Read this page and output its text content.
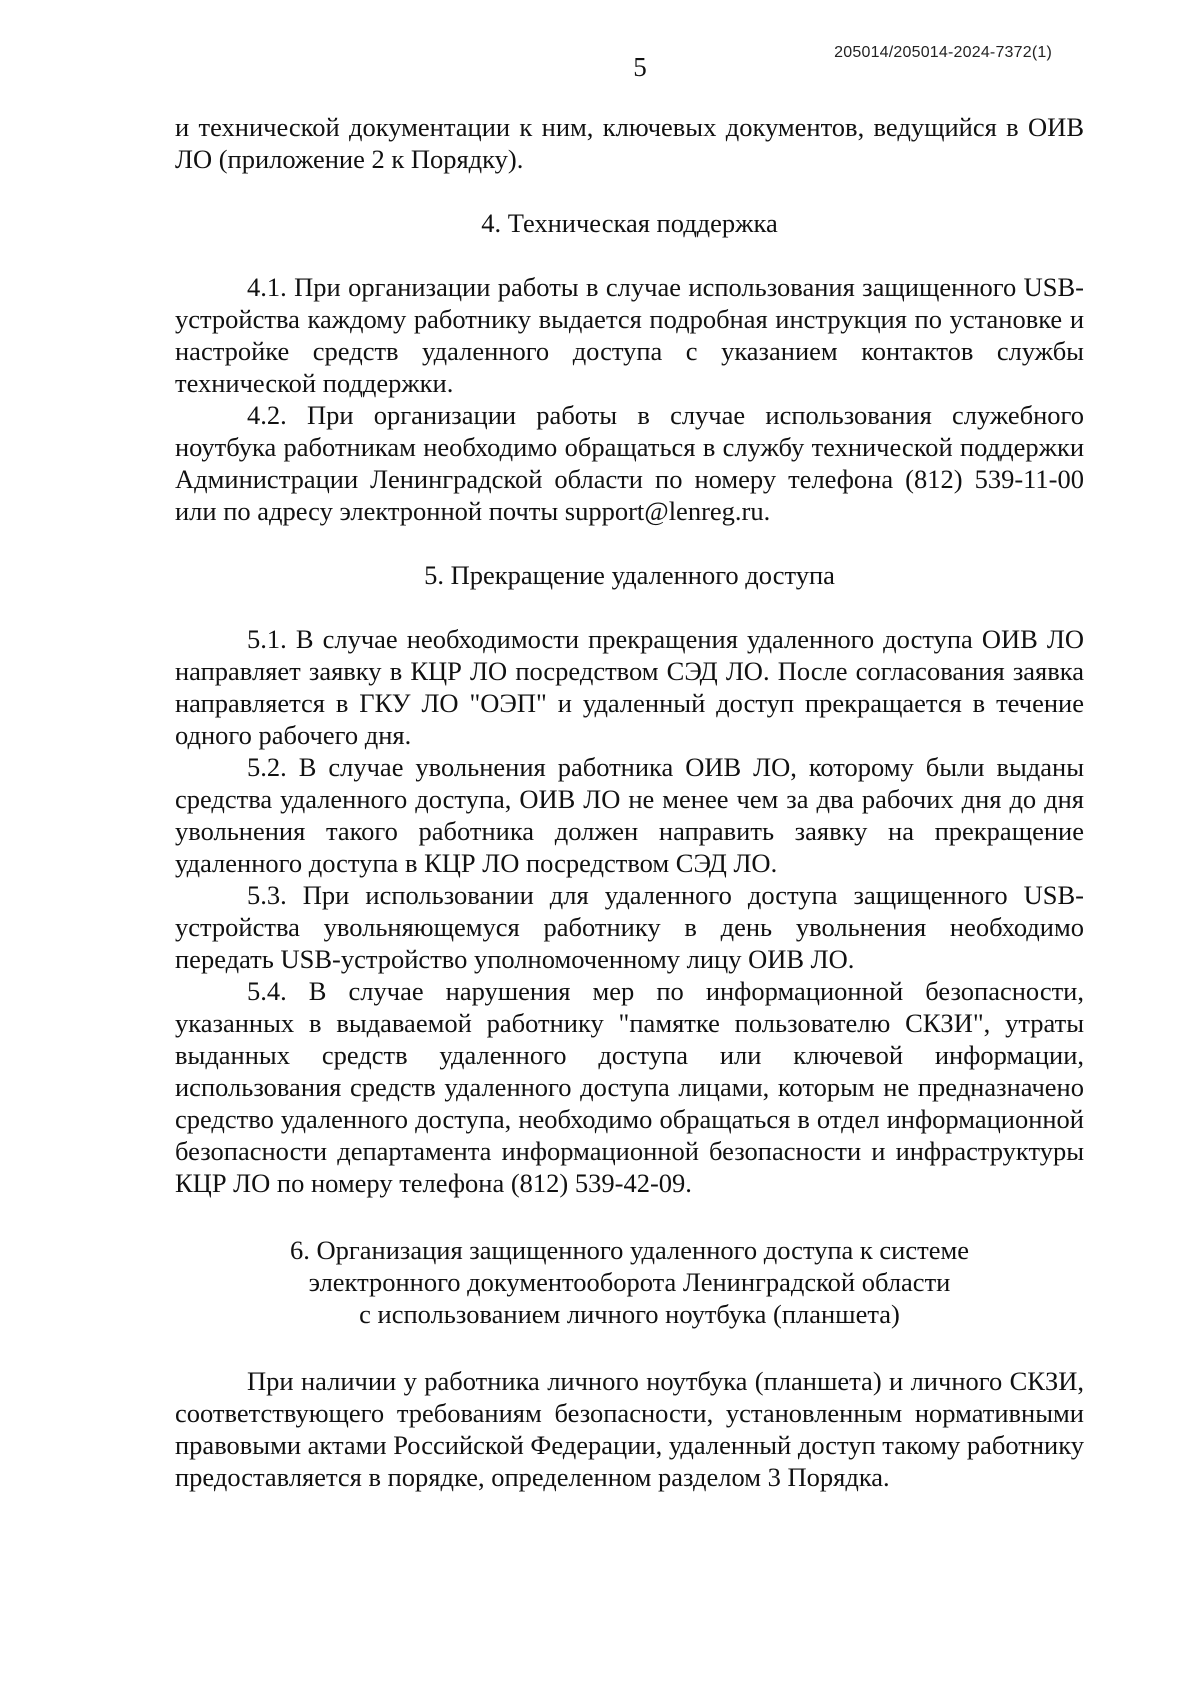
205014/205014-2024-7372(1)
5

и технической документации к ним, ключевых документов, ведущийся в ОИВ ЛО (приложение 2 к Порядку).

4. Техническая поддержка

4.1. При организации работы в случае использования защищенного USB-устройства каждому работнику выдается подробная инструкция по установке и настройке средств удаленного доступа с указанием контактов службы технической поддержки.

4.2. При организации работы в случае использования служебного ноутбука работникам необходимо обращаться в службу технической поддержки Администрации Ленинградской области по номеру телефона (812) 539-11-00 или по адресу электронной почты support@lenreg.ru.

5. Прекращение удаленного доступа

5.1. В случае необходимости прекращения удаленного доступа ОИВ ЛО направляет заявку в КЦР ЛО посредством СЭД ЛО. После согласования заявка направляется в ГКУ ЛО "ОЭП" и удаленный доступ прекращается в течение одного рабочего дня.

5.2. В случае увольнения работника ОИВ ЛО, которому были выданы средства удаленного доступа, ОИВ ЛО не менее чем за два рабочих дня до дня увольнения такого работника должен направить заявку на прекращение удаленного доступа в КЦР ЛО посредством СЭД ЛО.

5.3. При использовании для удаленного доступа защищенного USB-устройства увольняющемуся работнику в день увольнения необходимо передать USB-устройство уполномоченному лицу ОИВ ЛО.

5.4. В случае нарушения мер по информационной безопасности, указанных в выдаваемой работнику "памятке пользователю СКЗИ", утраты выданных средств удаленного доступа или ключевой информации, использования средств удаленного доступа лицами, которым не предназначено средство удаленного доступа, необходимо обращаться в отдел информационной безопасности департамента информационной безопасности и инфраструктуры КЦР ЛО по номеру телефона (812) 539-42-09.

6. Организация защищенного удаленного доступа к системе

электронного документооборота Ленинградской области

с использованием личного ноутбука (планшета)

При наличии у работника личного ноутбука (планшета) и личного СКЗИ, соответствующего требованиям безопасности, установленным нормативными правовыми актами Российской Федерации, удаленный доступ такому работнику предоставляется в порядке, определенном разделом 3 Порядка.
